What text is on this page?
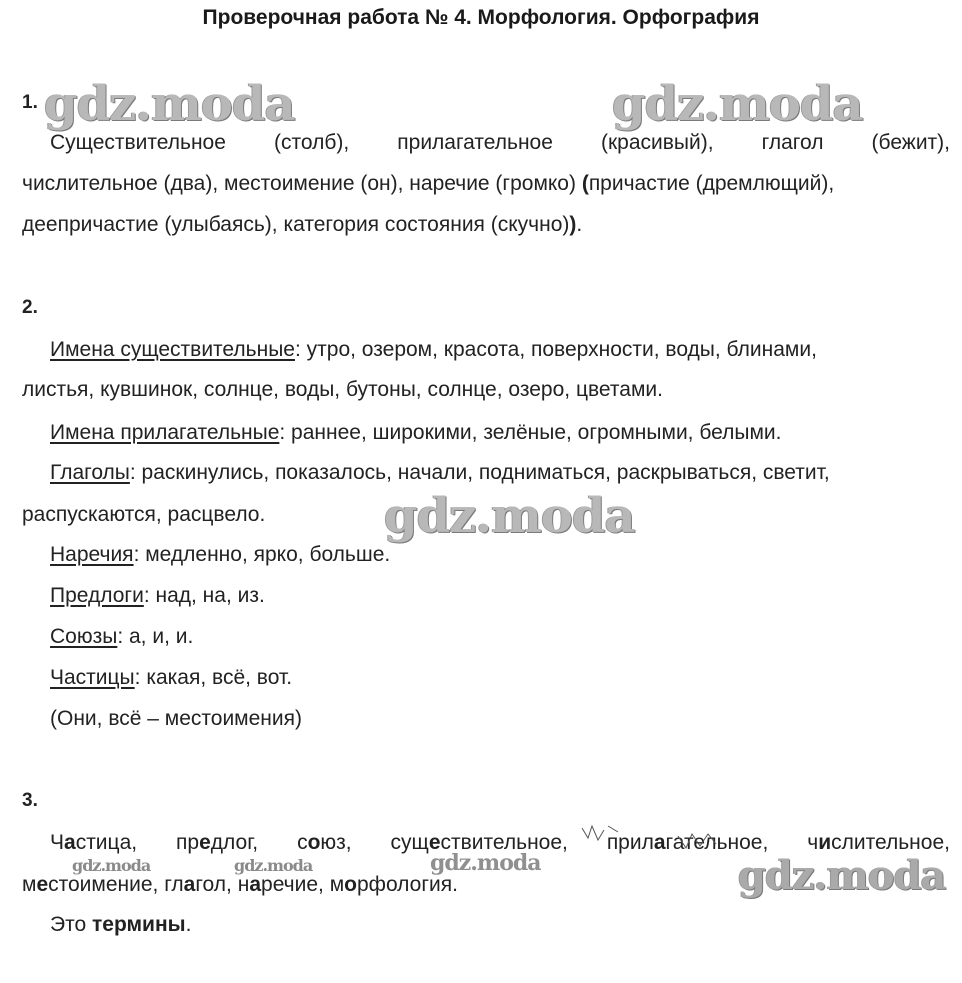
Проверочная работа № 4. Морфология. Орфография
gdz.moda	gdz.moda
gdz.moda
gdz.moda	gdz.moda	gdz.moda	gdz.moda
1.
Существительное (столб), прилагательное (красивый), глагол (бежит),
числительное (два), местоимение (он), наречие (громко) (причастие (дремлющий),
деепричастие (улыбаясь), категория состояния (скучно)).
2.
Имена существительные: утро, озером, красота, поверхности, воды, блинами,
листья, кувшинок, солнце, воды, бутоны, солнце, озеро, цветами.
Имена прилагательные: раннее, широкими, зелёные, огромными, белыми.
Глаголы: раскинулись, показалось, начали, подниматься, раскрываться, светит,
распускаются, расцвело.
Наречия: медленно, ярко, больше.
Предлоги: над, на, из.
Союзы: а, и, и.
Частицы: какая, всё, вот.
(Они, всё – местоимения)
3.
Частица, предлог, союз, существительное, прилагательное, числительное,
местоимение, глагол, наречие, морфология.
Это термины.
